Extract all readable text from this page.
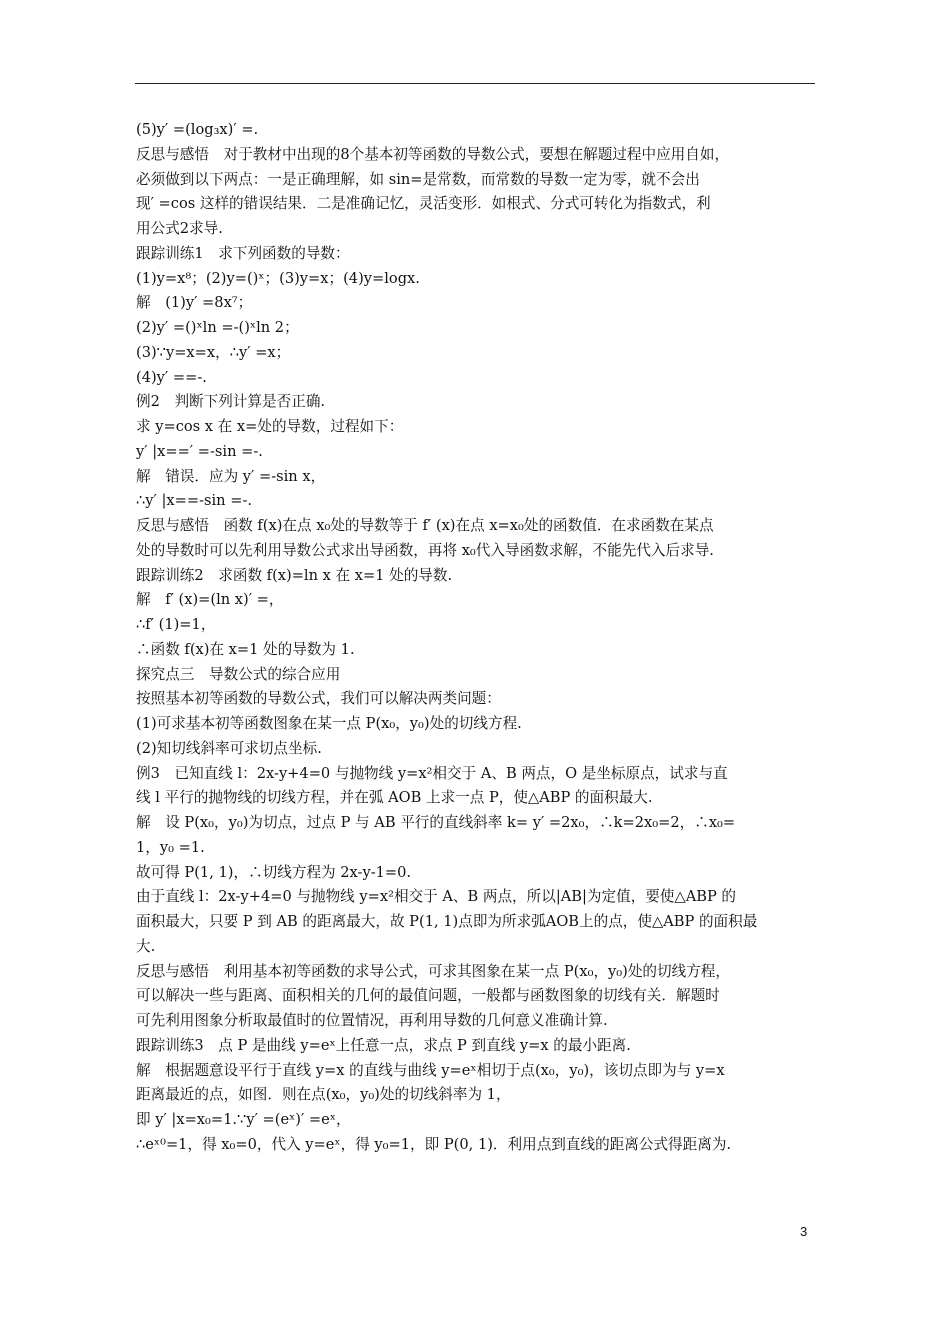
(5)y′ =(log₃x)′ =.
反思与感悟　对于教材中出现的8个基本初等函数的导数公式，要想在解题过程中应用自如，
必须做到以下两点：一是正确理解，如 sin=是常数，而常数的导数一定为零，就不会出
现′ =cos 这样的错误结果．二是准确记忆，灵活变形．如根式、分式可转化为指数式，利
用公式2求导.
跟踪训练1　求下列函数的导数：
(1)y=x⁸；(2)y=()ˣ；(3)y=x；(4)y=logx.
解　(1)y′ =8x⁷；
(2)y′ =()ˣln =-()ˣln 2；
(3)∵y=x=x，∴y′ =x；
(4)y′ ==-.
例2　判断下列计算是否正确.
求 y=cos x 在 x=处的导数，过程如下：
y′ |x==′ =-sin =-.
解　错误．应为 y′ =-sin x，
∴y′ |x==-sin =-.
反思与感悟　函数 f(x)在点 x₀处的导数等于 f′ (x)在点 x=x₀处的函数值．在求函数在某点
处的导数时可以先利用导数公式求出导函数，再将 x₀代入导函数求解，不能先代入后求导.
跟踪训练2　求函数 f(x)=ln x 在 x=1 处的导数.
解　f′ (x)=(ln x)′ =，
∴f′ (1)=1，
∴函数 f(x)在 x=1 处的导数为 1.
探究点三　导数公式的综合应用
按照基本初等函数的导数公式，我们可以解决两类问题：
(1)可求基本初等函数图象在某一点 P(x₀，y₀)处的切线方程.
(2)知切线斜率可求切点坐标.
例3　已知直线 l：2x-y+4=0 与抛物线 y=x²相交于 A、B 两点，O 是坐标原点，试求与直
线 l 平行的抛物线的切线方程，并在弧 AOB 上求一点 P，使△ABP 的面积最大.
解　设 P(x₀，y₀)为切点，过点 P 与 AB 平行的直线斜率 k= y′ =2x₀，∴k=2x₀=2，∴x₀=
1，y₀ =1.
故可得 P(1, 1)，∴切线方程为 2x-y-1=0.
由于直线 l：2x-y+4=0 与抛物线 y=x²相交于 A、B 两点，所以|AB|为定值，要使△ABP 的
面积最大，只要 P 到 AB 的距离最大，故 P(1, 1)点即为所求弧AOB上的点，使△ABP 的面积最
大.
反思与感悟　利用基本初等函数的求导公式，可求其图象在某一点 P(x₀，y₀)处的切线方程，
可以解决一些与距离、面积相关的几何的最值问题，一般都与函数图象的切线有关．解题时
可先利用图象分析取最值时的位置情况，再利用导数的几何意义准确计算.
跟踪训练3　点 P 是曲线 y=eˣ上任意一点，求点 P 到直线 y=x 的最小距离.
解　根据题意设平行于直线 y=x 的直线与曲线 y=eˣ相切于点(x₀，y₀)，该切点即为与 y=x
距离最近的点，如图．则在点(x₀，y₀)处的切线斜率为 1，
即 y′ |x=x₀=1.∵y′ =(eˣ)′ =eˣ，
∴eˣ⁰=1，得 x₀=0，代入 y=eˣ，得 y₀=1，即 P(0, 1)．利用点到直线的距离公式得距离为.
3
